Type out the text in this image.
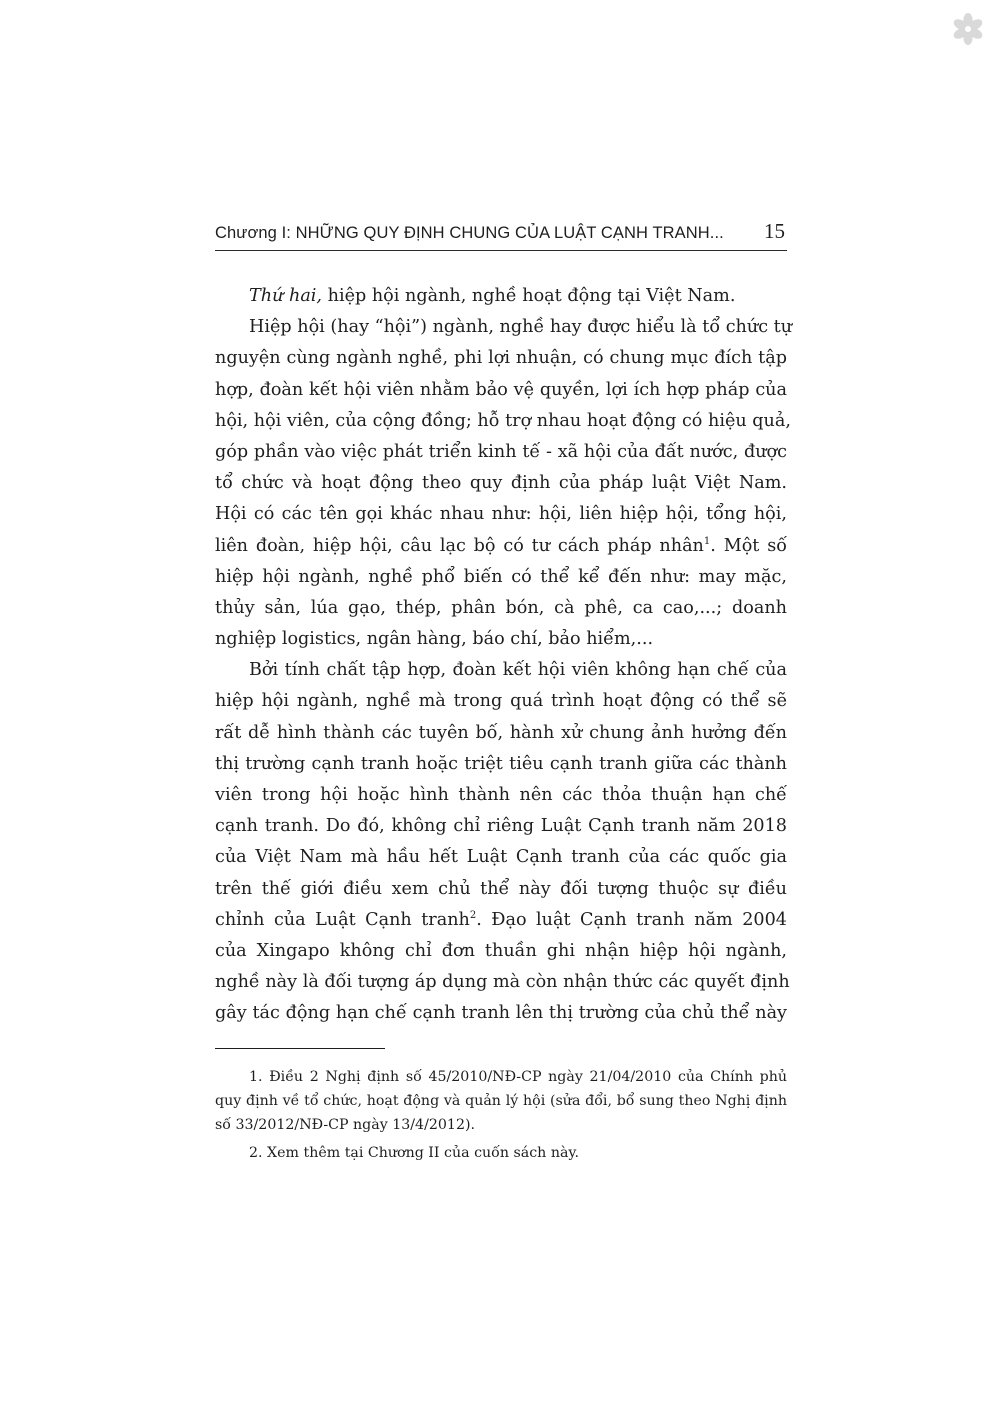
Chương I: NHỮNG QUY ĐỊNH CHUNG CỦA LUẬT CẠNH TRANH... 15
Thứ hai, hiệp hội ngành, nghề hoạt động tại Việt Nam.
Hiệp hội (hay “hội”) ngành, nghề hay được hiểu là tổ chức tự
nguyện cùng ngành nghề, phi lợi nhuận, có chung mục đích tập
hợp, đoàn kết hội viên nhằm bảo vệ quyền, lợi ích hợp pháp của
hội, hội viên, của cộng đồng; hỗ trợ nhau hoạt động có hiệu quả,
góp phần vào việc phát triển kinh tế - xã hội của đất nước, được
tổ chức và hoạt động theo quy định của pháp luật Việt Nam.
Hội có các tên gọi khác nhau như: hội, liên hiệp hội, tổng hội,
liên đoàn, hiệp hội, câu lạc bộ có tư cách pháp nhân$^1$. Một số
hiệp hội ngành, nghề phổ biến có thể kể đến như: may mặc,
thủy sản, lúa gạo, thép, phân bón, cà phê, ca cao,...; doanh
nghiệp logistics, ngân hàng, báo chí, bảo hiểm,...
Bởi tính chất tập hợp, đoàn kết hội viên không hạn chế của
hiệp hội ngành, nghề mà trong quá trình hoạt động có thể sẽ
rất dễ hình thành các tuyên bố, hành xử chung ảnh hưởng đến
thị trường cạnh tranh hoặc triệt tiêu cạnh tranh giữa các thành
viên trong hội hoặc hình thành nên các thỏa thuận hạn chế
cạnh tranh. Do đó, không chỉ riêng Luật Cạnh tranh năm 2018
của Việt Nam mà hầu hết Luật Cạnh tranh của các quốc gia
trên thế giới điều xem chủ thể này đối tượng thuộc sự điều
chỉnh của Luật Cạnh tranh$^2$. Đạo luật Cạnh tranh năm 2004
của Xingapo không chỉ đơn thuần ghi nhận hiệp hội ngành,
nghề này là đối tượng áp dụng mà còn nhận thức các quyết định
gây tác động hạn chế cạnh tranh lên thị trường của chủ thể này

1. Điều 2 Nghị định số 45/2010/NĐ-CP ngày 21/04/2010 của Chính phủ quy định về tổ chức, hoạt động và quản lý hội (sửa đổi, bổ sung theo Nghị định số 33/2012/NĐ-CP ngày 13/4/2012).

2. Xem thêm tại Chương II của cuốn sách này.
